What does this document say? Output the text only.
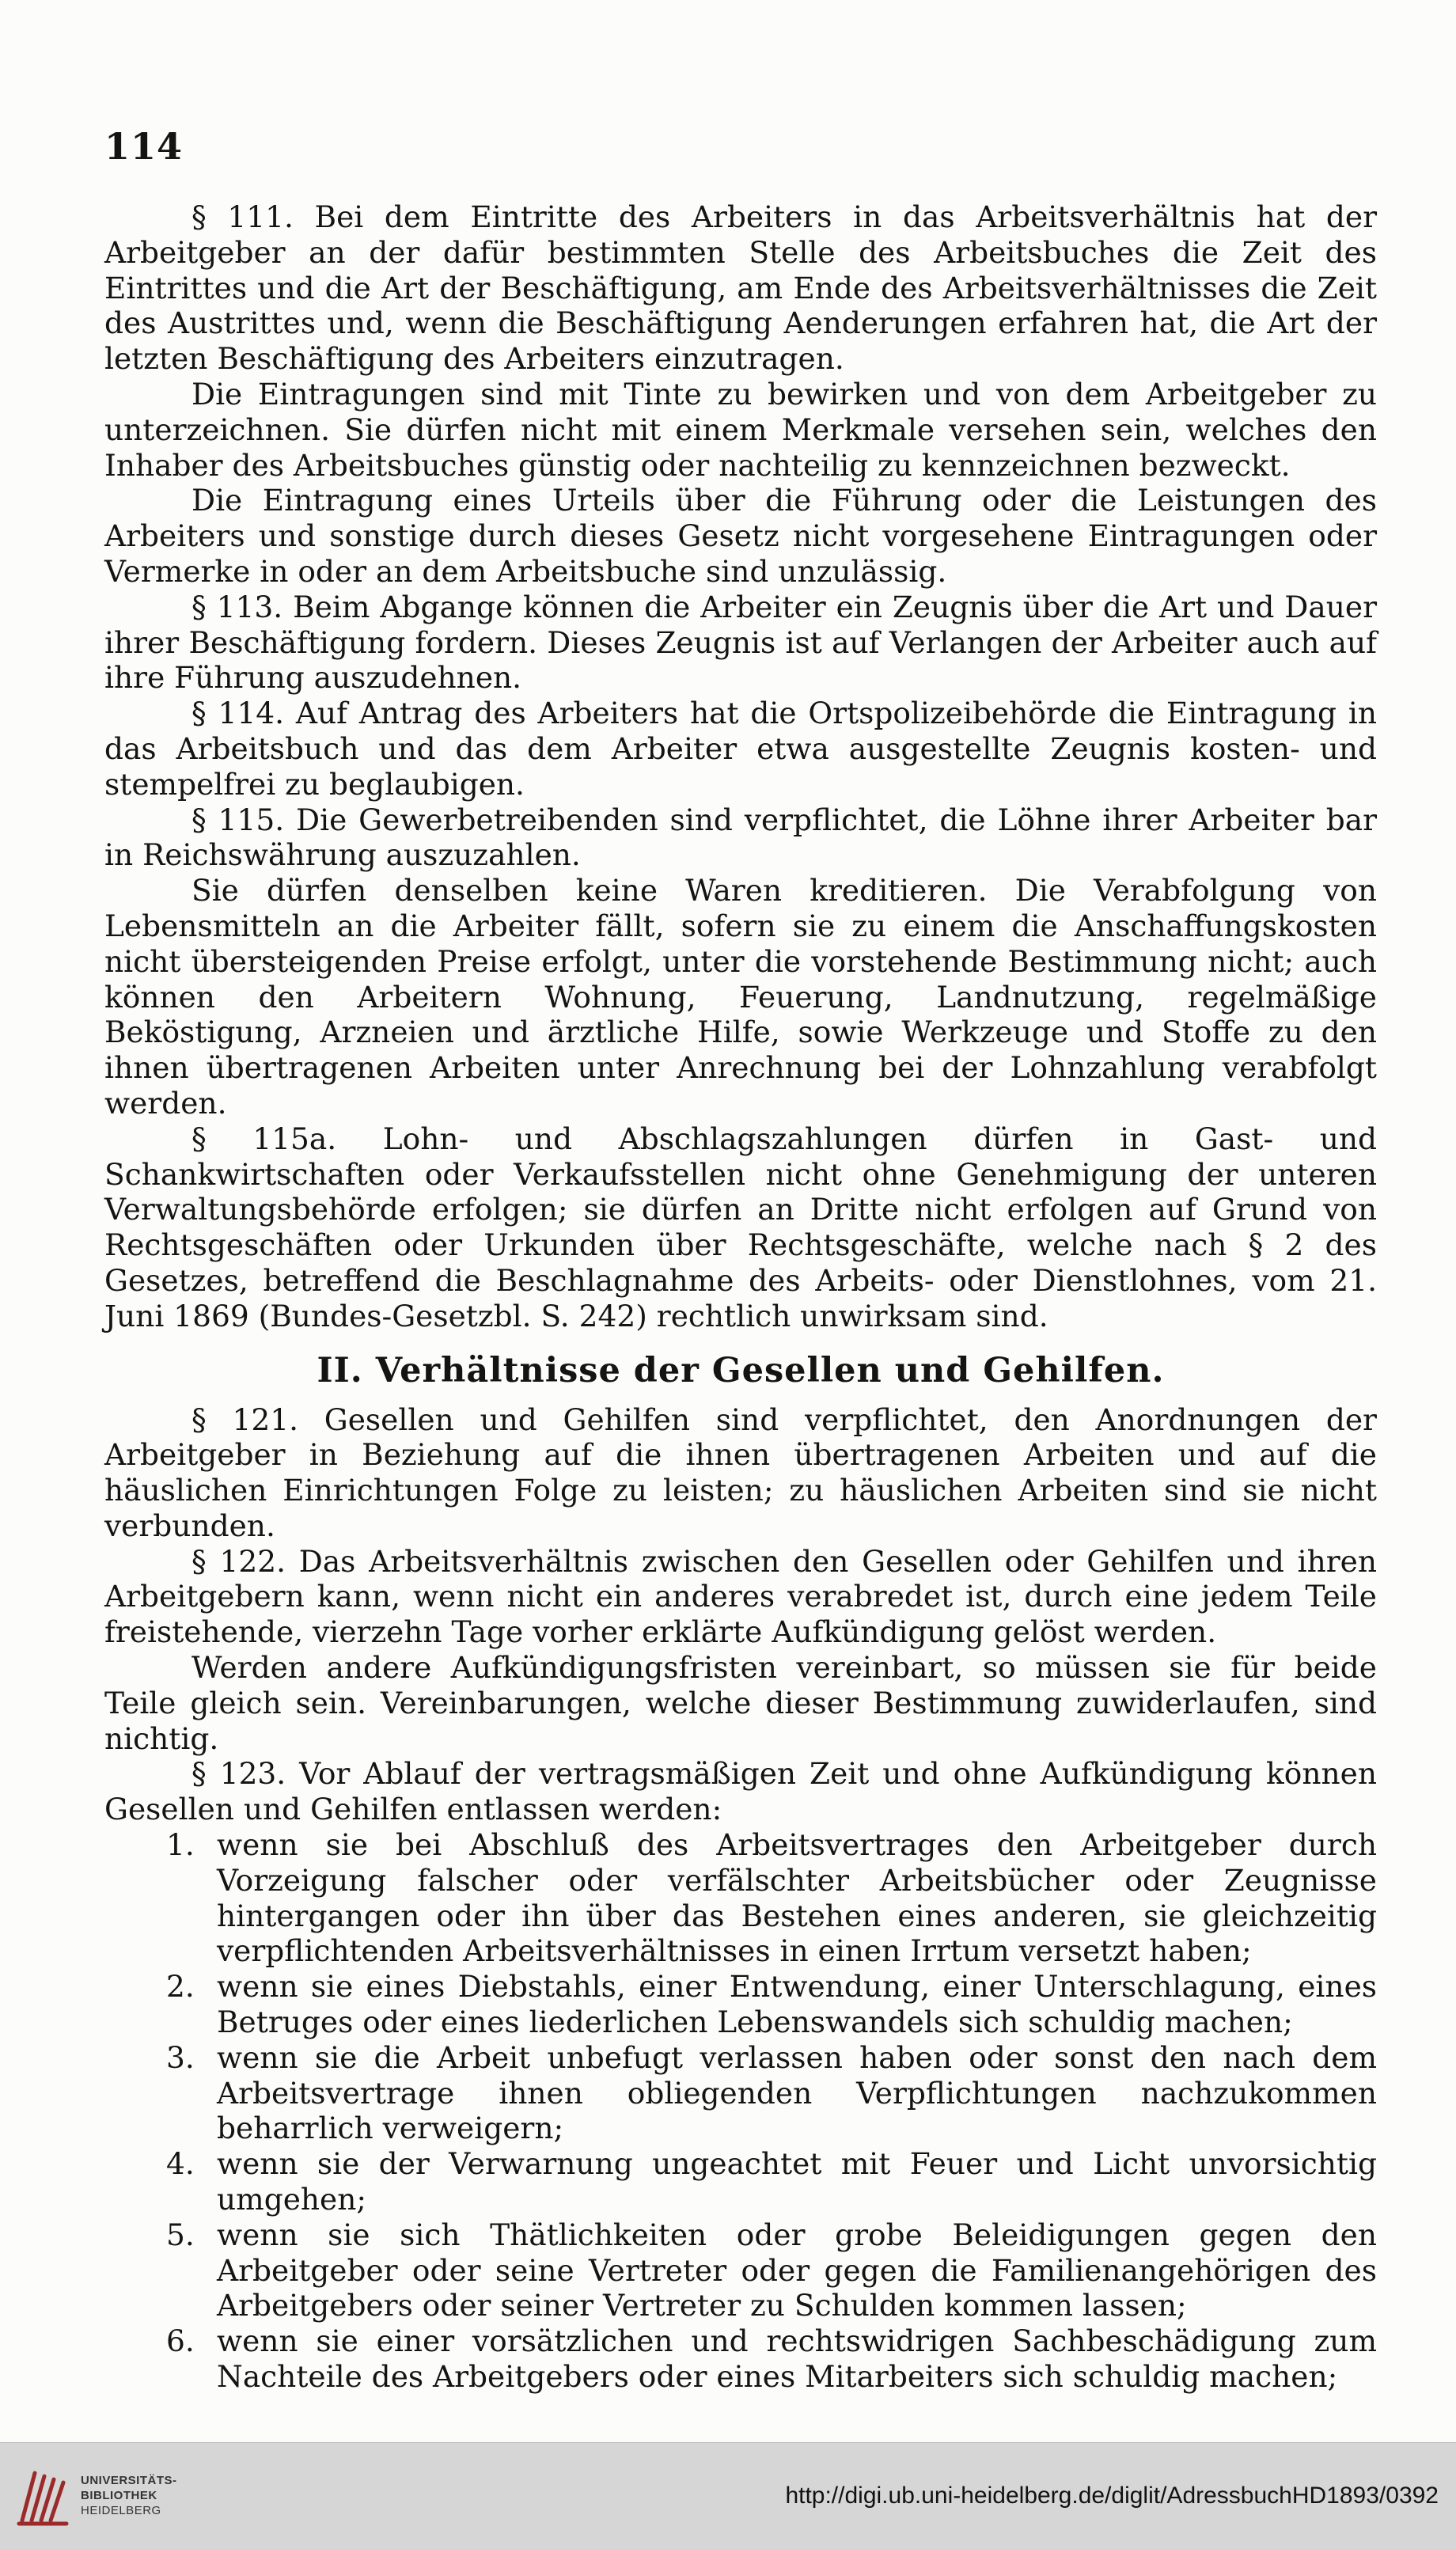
114

§ 111. Bei dem Eintritte des Arbeiters in das Arbeitsverhältnis hat der Arbeitgeber an der dafür bestimmten Stelle des Arbeitsbuches die Zeit des Eintrittes und die Art der Beschäftigung, am Ende des Arbeitsverhältnisses die Zeit des Austrittes und, wenn die Beschäftigung Aenderungen erfahren hat, die Art der letzten Beschäftigung des Arbeiters einzutragen.

Die Eintragungen sind mit Tinte zu bewirken und von dem Arbeitgeber zu unterzeichnen. Sie dürfen nicht mit einem Merkmale versehen sein, welches den Inhaber des Arbeitsbuches günstig oder nachteilig zu kennzeichnen bezweckt.

Die Eintragung eines Urteils über die Führung oder die Leistungen des Arbeiters und sonstige durch dieses Gesetz nicht vorgesehene Eintragungen oder Vermerke in oder an dem Arbeitsbuche sind unzulässig.

§ 113. Beim Abgange können die Arbeiter ein Zeugnis über die Art und Dauer ihrer Beschäftigung fordern. Dieses Zeugnis ist auf Verlangen der Arbeiter auch auf ihre Führung auszudehnen.

§ 114. Auf Antrag des Arbeiters hat die Ortspolizeibehörde die Eintragung in das Arbeitsbuch und das dem Arbeiter etwa ausgestellte Zeugnis kosten- und stempelfrei zu beglaubigen.

§ 115. Die Gewerbetreibenden sind verpflichtet, die Löhne ihrer Arbeiter bar in Reichswährung auszuzahlen.

Sie dürfen denselben keine Waren kreditieren. Die Verabfolgung von Lebensmitteln an die Arbeiter fällt, sofern sie zu einem die Anschaffungskosten nicht übersteigenden Preise erfolgt, unter die vorstehende Bestimmung nicht; auch können den Arbeitern Wohnung, Feuerung, Landnutzung, regelmäßige Beköstigung, Arzneien und ärztliche Hilfe, sowie Werkzeuge und Stoffe zu den ihnen übertragenen Arbeiten unter Anrechnung bei der Lohnzahlung verabfolgt werden.

§ 115a. Lohn- und Abschlagszahlungen dürfen in Gast- und Schankwirtschaften oder Verkaufsstellen nicht ohne Genehmigung der unteren Verwaltungsbehörde erfolgen; sie dürfen an Dritte nicht erfolgen auf Grund von Rechtsgeschäften oder Urkunden über Rechtsgeschäfte, welche nach § 2 des Gesetzes, betreffend die Beschlagnahme des Arbeits- oder Dienstlohnes, vom 21. Juni 1869 (Bundes-Gesetzbl. S. 242) rechtlich unwirksam sind.

II. Verhältnisse der Gesellen und Gehilfen.

§ 121. Gesellen und Gehilfen sind verpflichtet, den Anordnungen der Arbeitgeber in Beziehung auf die ihnen übertragenen Arbeiten und auf die häuslichen Einrichtungen Folge zu leisten; zu häuslichen Arbeiten sind sie nicht verbunden.

§ 122. Das Arbeitsverhältnis zwischen den Gesellen oder Gehilfen und ihren Arbeitgebern kann, wenn nicht ein anderes verabredet ist, durch eine jedem Teile freistehende, vierzehn Tage vorher erklärte Aufkündigung gelöst werden.

Werden andere Aufkündigungsfristen vereinbart, so müssen sie für beide Teile gleich sein. Vereinbarungen, welche dieser Bestimmung zuwiderlaufen, sind nichtig.

§ 123. Vor Ablauf der vertragsmäßigen Zeit und ohne Aufkündigung können Gesellen und Gehilfen entlassen werden:

1. wenn sie bei Abschluß des Arbeitsvertrages den Arbeitgeber durch Vorzeigung falscher oder verfälschter Arbeitsbücher oder Zeugnisse hintergangen oder ihn über das Bestehen eines anderen, sie gleichzeitig verpflichtenden Arbeitsverhältnisses in einen Irrtum versetzt haben;
2. wenn sie eines Diebstahls, einer Entwendung, einer Unterschlagung, eines Betruges oder eines liederlichen Lebenswandels sich schuldig machen;
3. wenn sie die Arbeit unbefugt verlassen haben oder sonst den nach dem Arbeitsvertrage ihnen obliegenden Verpflichtungen nachzukommen beharrlich verweigern;
4. wenn sie der Verwarnung ungeachtet mit Feuer und Licht unvorsichtig umgehen;
5. wenn sie sich Thätlichkeiten oder grobe Beleidigungen gegen den Arbeitgeber oder seine Vertreter oder gegen die Familienangehörigen des Arbeitgebers oder seiner Vertreter zu Schulden kommen lassen;
6. wenn sie einer vorsätzlichen und rechtswidrigen Sachbeschädigung zum Nachteile des Arbeitgebers oder eines Mitarbeiters sich schuldig machen;
UNIVERSITÄTS-
BIBLIOTHEK
HEIDELBERG
http://digi.ub.uni-heidelberg.de/diglit/AdressbuchHD1893/0392
